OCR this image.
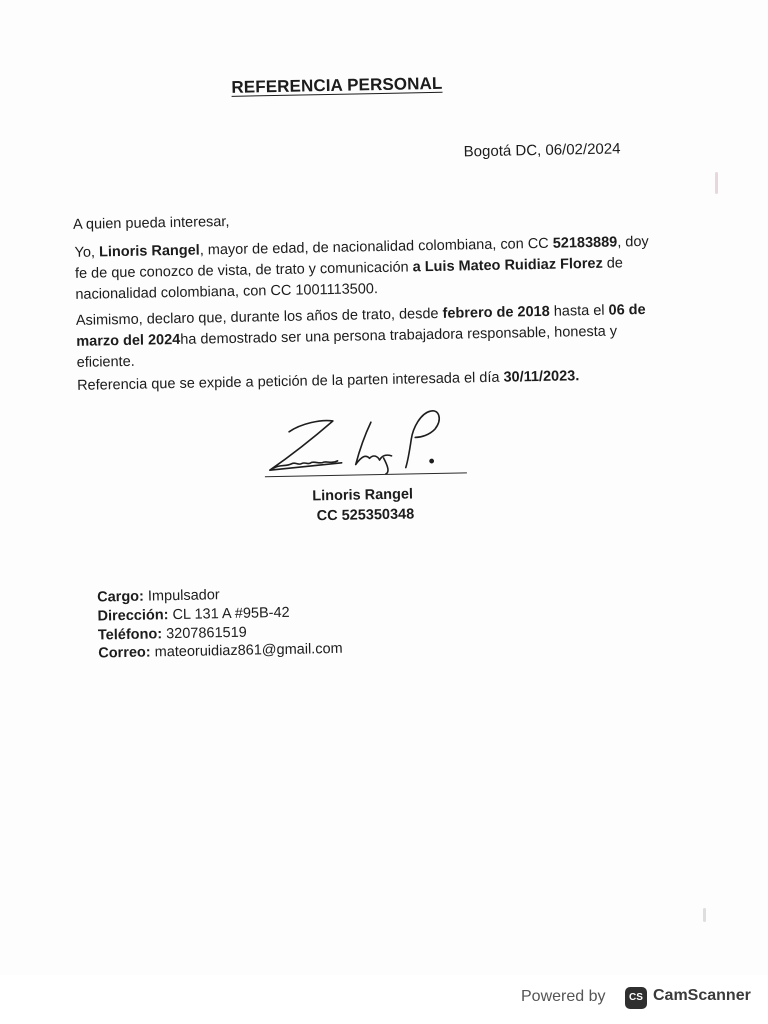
REFERENCIA PERSONAL
Bogotá DC, 06/02/2024
A quien pueda interesar,
Yo, Linoris Rangel, mayor de edad, de nacionalidad colombiana, con CC 52183889, doy fe de que conozco de vista, de trato y comunicación a Luis Mateo Ruidiaz Florez de nacionalidad colombiana, con CC 1001113500.
Asimismo, declaro que, durante los años de trato, desde febrero de 2018 hasta el 06 de marzo del 2024ha demostrado ser una persona trabajadora responsable, honesta y eficiente.
Referencia que se expide a petición de la parten interesada el día 30/11/2023.
Linoris Rangel
CC 525350348
Cargo: Impulsador
Dirección: CL 131 A #95B-42
Teléfono: 3207861519
Correo: mateoruidiaz861@gmail.com
Powered by	CS CamScanner
